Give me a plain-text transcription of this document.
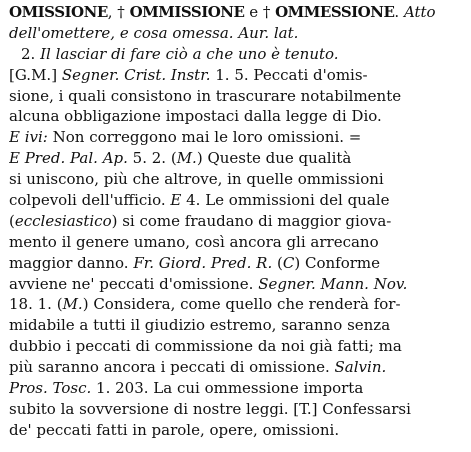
OMISSIONE, † OMMISSIONE e † OMMESSIONE. Atto
dell'omettere, e cosa omessa. Aur. lat.
2. Il lasciar di fare ciò a che uno è tenuto.
[G.M.] Segner. Crist. Instr. 1. 5. Peccati d'omis-
sione, i quali consistono in trascurare notabilmente
alcuna obbligazione impostaci dalla legge di Dio.
E ivi: Non correggono mai le loro omissioni. =
E Pred. Pal. Ap. 5. 2. (M.) Queste due qualità
si uniscono, più che altrove, in quelle ommissioni
colpevoli dell'ufficio. E 4. Le ommissioni del quale
(ecclesiastico) si come fraudano di maggior giova-
mento il genere umano, così ancora gli arrecano
maggior danno. Fr. Giord. Pred. R. (C) Conforme
avviene ne' peccati d'omissione. Segner. Mann. Nov.
18. 1. (M.) Considera, come quello che renderà for-
midabile a tutti il giudizio estremo, saranno senza
dubbio i peccati di commissione da noi già fatti; ma
più saranno ancora i peccati di omissione. Salvin.
Pros. Tosc. 1. 203. La cui ommessione importa
subito la sovversione di nostre leggi. [T.] Confessarsi
de' peccati fatti in parole, opere, omissioni.
